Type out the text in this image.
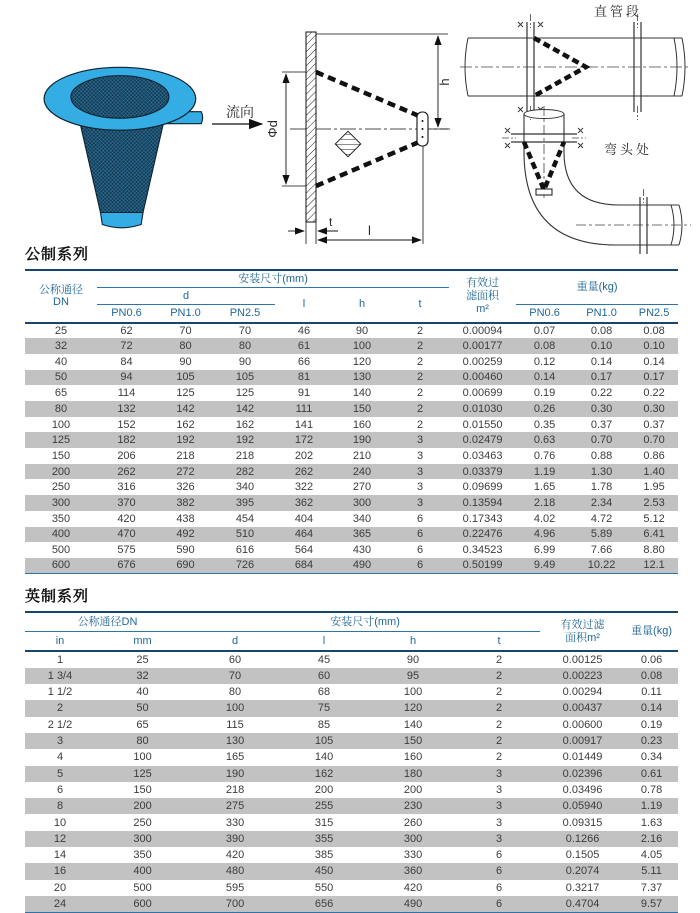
流向
Φd
h
t
l
直管段
弯头处
公制系列
公称通径
DN	安装尺寸(mm)						有效过
滤面积
m²	重量(kg)		
	d			l	h	t				
	PN0.6	PN1.0	PN2.5					PN0.6	PN1.0	PN2.5
25	62	70	70	46	90	2	0.00094	0.07	0.08	0.08
32	72	80	80	61	100	2	0.00177	0.08	0.10	0.10
40	84	90	90	66	120	2	0.00259	0.12	0.14	0.14
50	94	105	105	81	130	2	0.00460	0.14	0.17	0.17
65	114	125	125	91	140	2	0.00699	0.19	0.22	0.22
80	132	142	142	111	150	2	0.01030	0.26	0.30	0.30
100	152	162	162	141	160	2	0.01550	0.35	0.37	0.37
125	182	192	192	172	190	3	0.02479	0.63	0.70	0.70
150	206	218	218	202	210	3	0.03463	0.76	0.88	0.86
200	262	272	282	262	240	3	0.03379	1.19	1.30	1.40
250	316	326	340	322	270	3	0.09699	1.65	1.78	1.95
300	370	382	395	362	300	3	0.13594	2.18	2.34	2.53
350	420	438	454	404	340	6	0.17343	4.02	4.72	5.12
400	470	492	510	464	365	6	0.22476	4.96	5.89	6.41
500	575	590	616	564	430	6	0.34523	6.99	7.66	8.80
600	676	690	726	684	490	6	0.50199	9.49	10.22	12.1
英制系列
公称通径DN		安装尺寸(mm)				有效过滤
面积m²	重量(kg)
in	mm	d	l	h	t		
1	25	60	45	90	2	0.00125	0.06
1 3/4	32	70	60	95	2	0.00223	0.08
1 1/2	40	80	68	100	2	0.00294	0.11
2	50	100	75	120	2	0.00437	0.14
2 1/2	65	115	85	140	2	0.00600	0.19
3	80	130	105	150	2	0.00917	0.23
4	100	165	140	160	2	0.01449	0.34
5	125	190	162	180	3	0.02396	0.61
6	150	218	200	200	3	0.03496	0.78
8	200	275	255	230	3	0.05940	1.19
10	250	330	315	260	3	0.09315	1.63
12	300	390	355	300	3	0.1266	2.16
14	350	420	385	330	6	0.1505	4.05
16	400	480	450	360	6	0.2074	5.11
20	500	595	550	420	6	0.3217	7.37
24	600	700	656	490	6	0.4704	9.57
